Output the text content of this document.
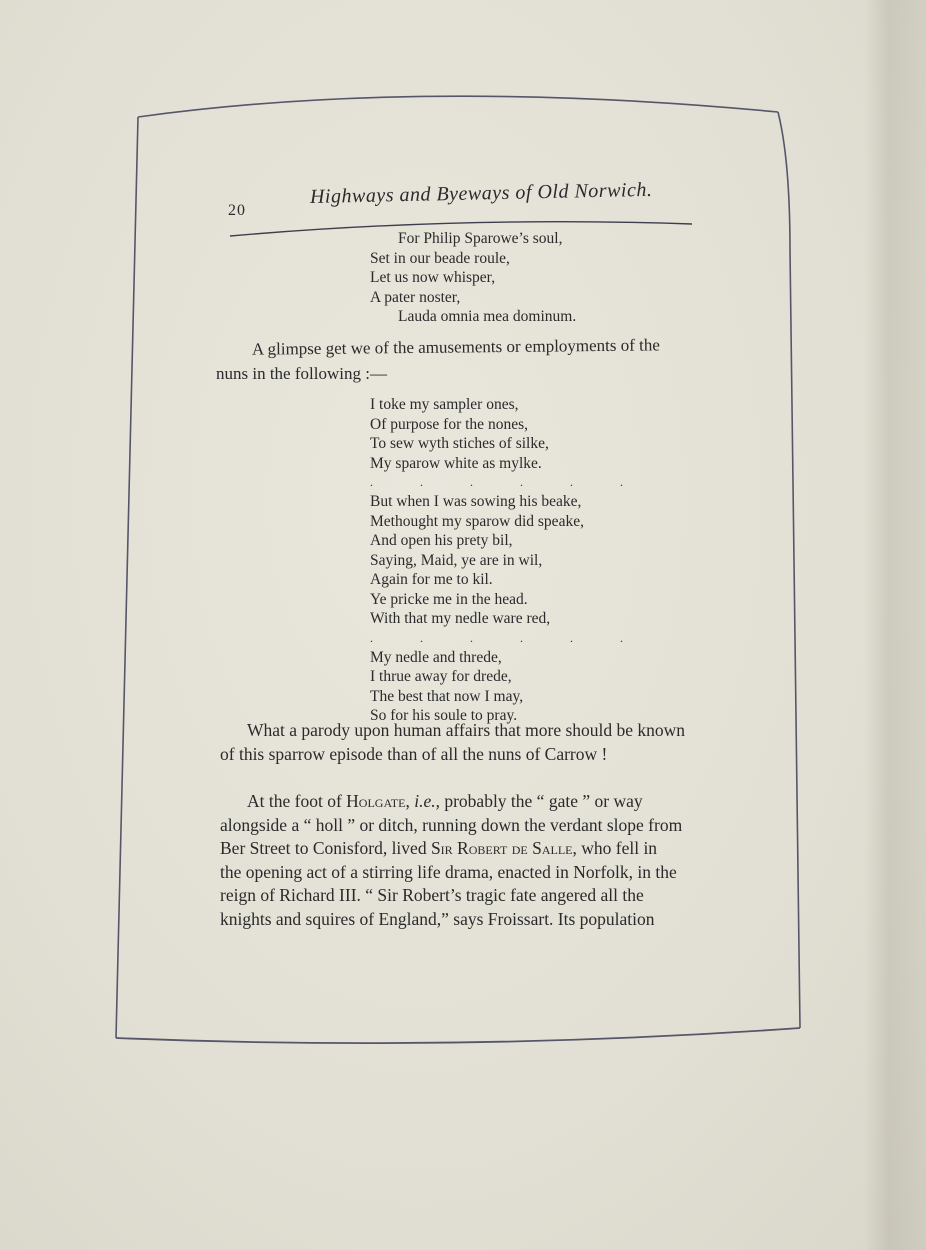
20
Highways and Byeways of Old Norwich.
For Philip Sparowe’s soul,
Set in our beade roule,
Let us now whisper,
A pater noster,
Lauda omnia mea dominum.
A glimpse get we of the amusements or employments of the
nuns in the following :—
I toke my sampler ones,
Of purpose for the nones,
To sew wyth stiches of silke,
My sparow white as mylke.
. . . . . .
But when I was sowing his beake,
Methought my sparow did speake,
And open his prety bil,
Saying, Maid, ye are in wil,
Again for me to kil.
Ye pricke me in the head.
With that my nedle ware red,
. . . . . .
My nedle and threde,
I thrue away for drede,
The best that now I may,
So for his soule to pray.
What a parody upon human affairs that more should be known
of this sparrow episode than of all the nuns of Carrow !
At the foot of Holgate, i.e., probably the “ gate ” or way
alongside a “ holl ” or ditch, running down the verdant slope from
Ber Street to Conisford, lived Sir Robert de Salle, who fell in
the opening act of a stirring life drama, enacted in Norfolk, in the
reign of Richard III. “ Sir Robert’s tragic fate angered all the
knights and squires of England,” says Froissart. Its population
